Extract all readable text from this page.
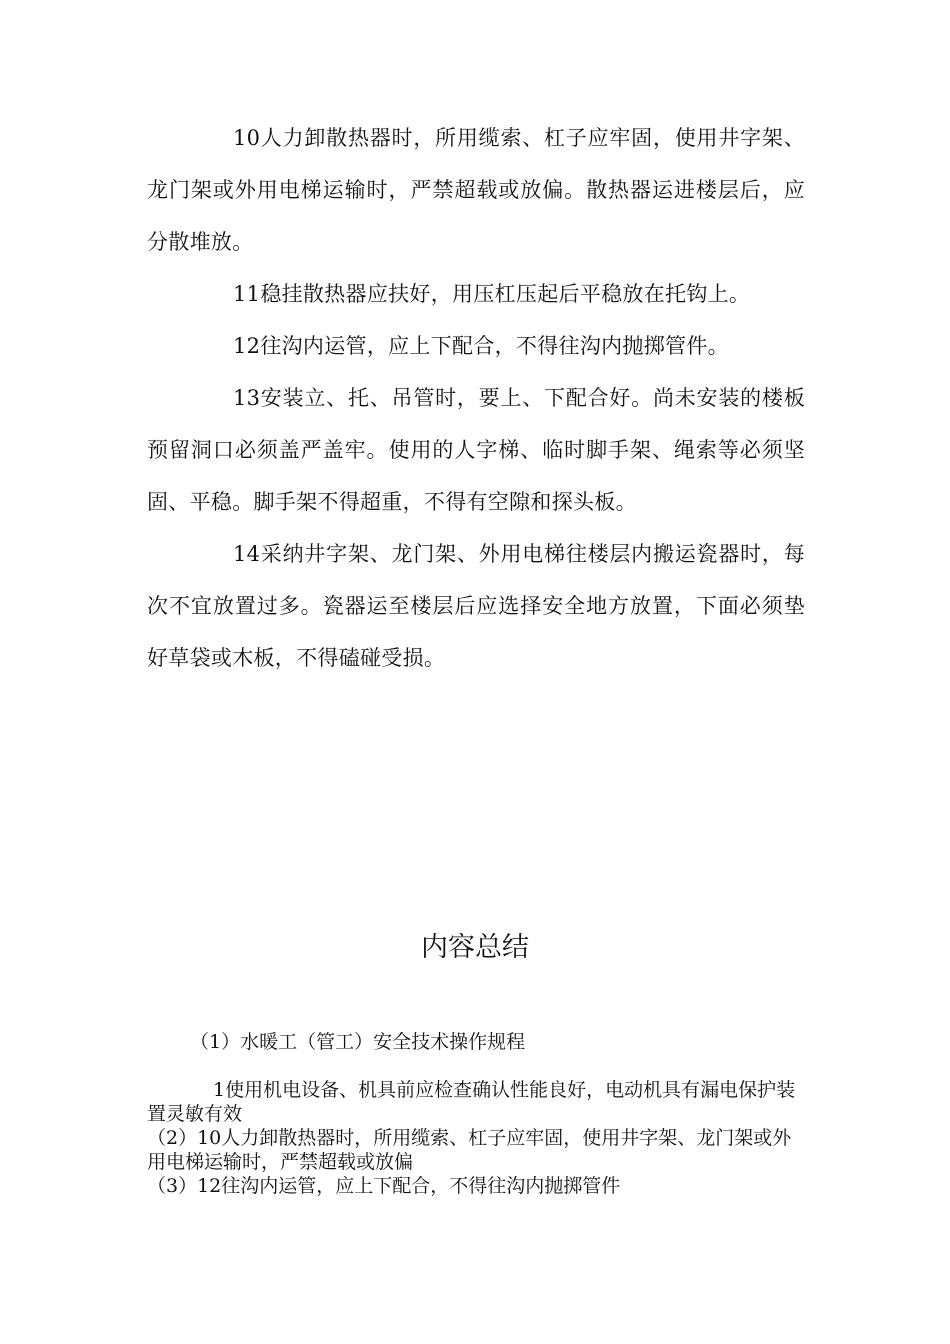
10人力卸散热器时，所用缆索、杠子应牢固，使用井字架、龙门架或外用电梯运输时，严禁超载或放偏。散热器运进楼层后，应分散堆放。

11稳挂散热器应扶好，用压杠压起后平稳放在托钩上。

12往沟内运管，应上下配合，不得往沟内抛掷管件。

13安装立、托、吊管时，要上、下配合好。尚未安装的楼板预留洞口必须盖严盖牢。使用的人字梯、临时脚手架、绳索等必须坚固、平稳。脚手架不得超重，不得有空隙和探头板。

14采纳井字架、龙门架、外用电梯往楼层内搬运瓷器时，每次不宜放置过多。瓷器运至楼层后应选择安全地方放置，下面必须垫好草袋或木板，不得磕碰受损。

内容总结

（1）水暖工（管工）安全技术操作规程

1使用机电设备、机具前应检查确认性能良好，电动机具有漏电保护装置灵敏有效

（2）10人力卸散热器时，所用缆索、杠子应牢固，使用井字架、龙门架或外用电梯运输时，严禁超载或放偏

（3）12往沟内运管，应上下配合，不得往沟内抛掷管件
